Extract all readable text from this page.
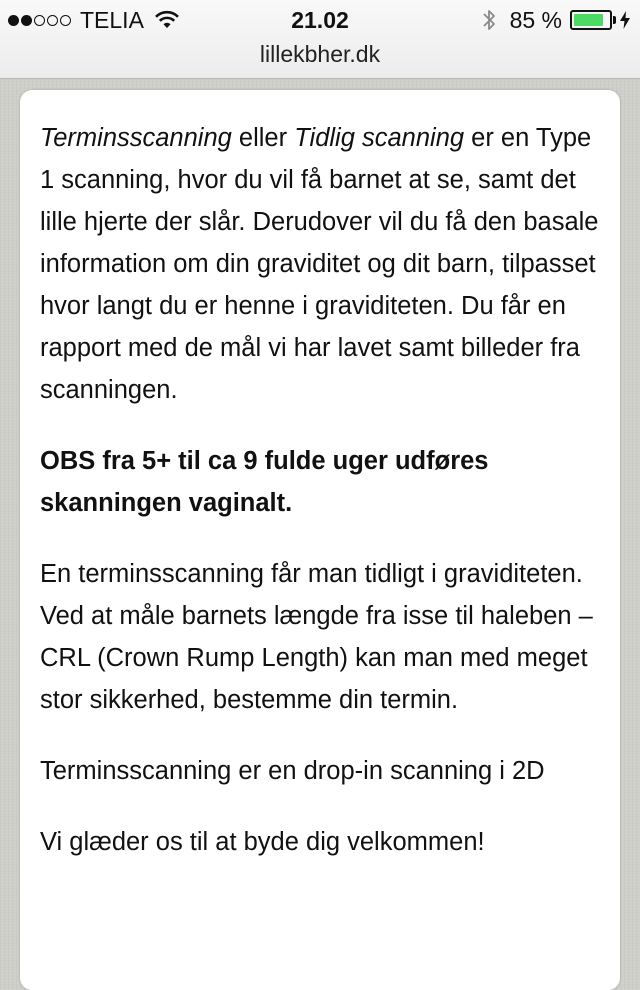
TELIA	21.02	85 %
lillekbher.dk

Terminsscanning eller Tidlig scanning er en Type 1 scanning, hvor du vil få barnet at se, samt det lille hjerte der slår. Derudover vil du få den basale information om din graviditet og dit barn, tilpasset hvor langt du er henne i graviditeten. Du får en rapport med de mål vi har lavet samt billeder fra scanningen.

OBS fra 5+ til ca 9 fulde uger udføres skanningen vaginalt.

En terminsscanning får man tidligt i graviditeten. Ved at måle barnets længde fra isse til haleben – CRL (Crown Rump Length) kan man med meget stor sikkerhed, bestemme din termin.

Terminsscanning er en drop-in scanning i 2D

Vi glæder os til at byde dig velkommen!
